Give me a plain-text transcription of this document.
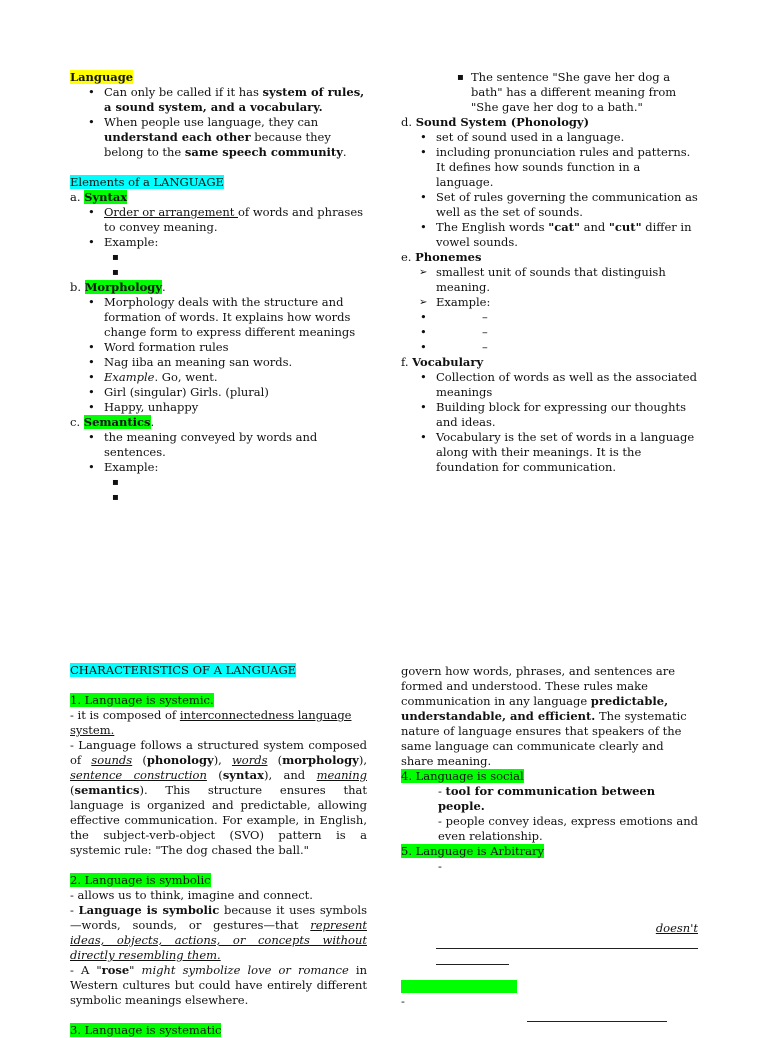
Language
• Can only be called if it has system of rules, a sound system, and a vocabulary.
• When people use language, they can understand each other because they belong to the same speech community.
Elements of a LANGUAGE
a. Syntax
• Order or arrangement of words and phrases to convey meaning.
• Example:
▪
▪
b. Morphology.
• Morphology deals with the structure and formation of words. It explains how words change form to express different meanings
• Word formation rules
• Nag iiba an meaning san words.
• Example. Go, went.
• Girl (singular) Girls. (plural)
• Happy, unhappy
c. Semantics.
• the meaning conveyed by words and sentences.
• Example:
▪
▪
▪ The sentence "She gave her dog a bath" has a different meaning from "She gave her dog to a bath."
d. Sound System (Phonology)
• set of sound used in a language.
• including pronunciation rules and patterns. It defines how sounds function in a language.
• Set of rules governing the communication as well as the set of sounds.
• The English words "cat" and "cut" differ in vowel sounds.
e. Phonemes
➢ smallest unit of sounds that distinguish meaning.
➢ Example:
• –
• –
• –
f. Vocabulary
• Collection of words as well as the associated meanings
• Building block for expressing our thoughts and ideas.
• Vocabulary is the set of words in a language along with their meanings. It is the foundation for communication.
CHARACTERISTICS OF A LANGUAGE
1. Language is systemic.
- it is composed of interconnectedness language system.
- Language follows a structured system composed of sounds (phonology), words (morphology), sentence construction (syntax), and meaning (semantics). This structure ensures that language is organized and predictable, allowing effective communication. For example, in English, the subject-verb-object (SVO) pattern is a systemic rule: "The dog chased the ball."
2. Language is symbolic
- allows us to think, imagine and connect.
- Language is symbolic because it uses symbols—words, sounds, or gestures—that represent ideas, objects, actions, or concepts without directly resembling them.
- A "rose" might symbolize love or romance in Western cultures but could have entirely different symbolic meanings elsewhere.
3. Language is systematic
govern how words, phrases, and sentences are formed and understood. These rules make communication in any language predictable, understandable, and efficient. The systematic nature of language ensures that speakers of the same language can communicate clearly and share meaning.
4. Language is social
- tool for communication between people.
- people convey ideas, express emotions and even relationship.
5. Language is Arbitrary
-
doesn't
-
